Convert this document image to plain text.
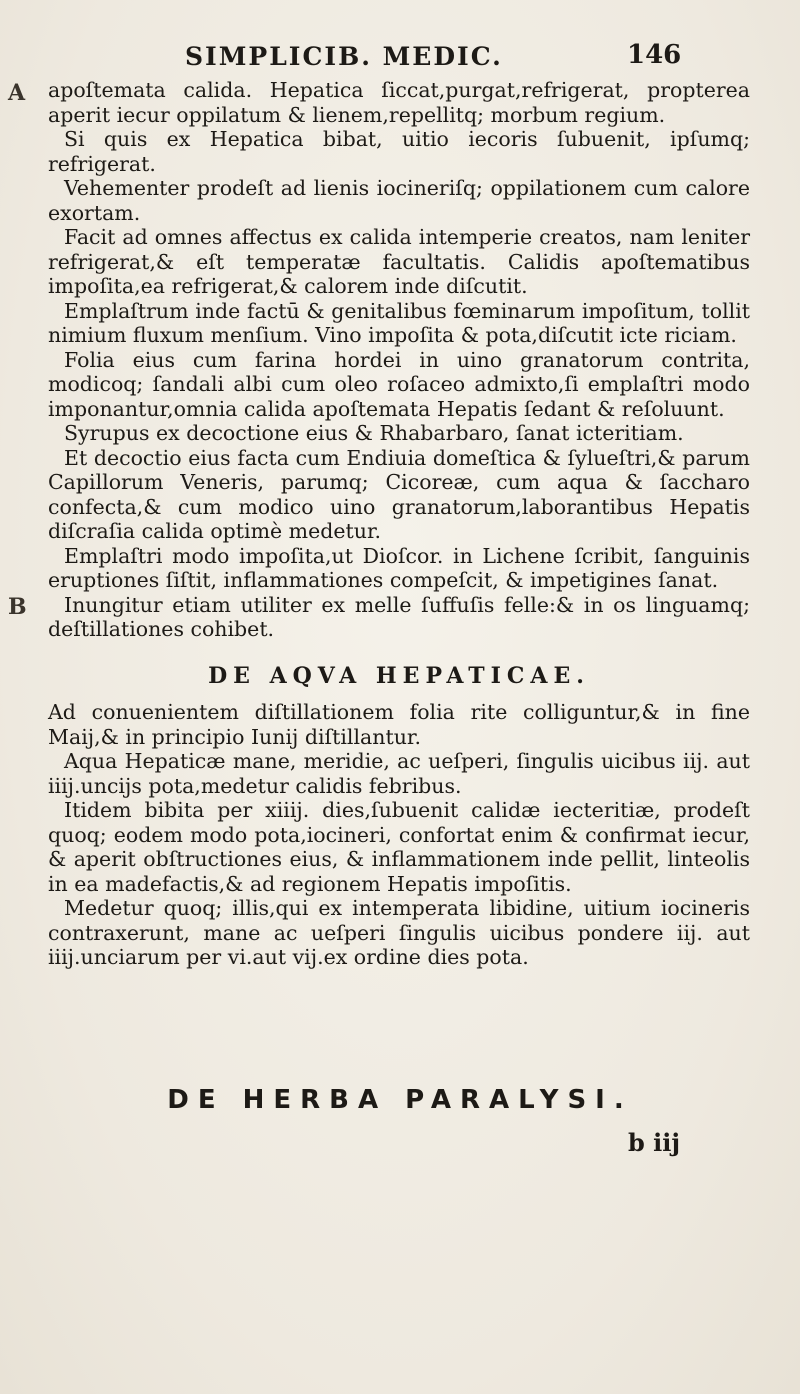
SIMPLICIB. MEDIC.	146
A
B

apoſtemata calida. Hepatica ſiccat,purgat,refrigerat, propterea aperit iecur oppilatum & lienem,repellitq; morbum regium.

Si quis ex Hepatica bibat, uitio iecoris ſubuenit, ipſumq; refrigerat.

Vehementer prodeſt ad lienis iocineriſq; oppilationem cum calore exortam.

Facit ad omnes affectus ex calida intemperie creatos, nam leniter refrigerat,& eſt temperatæ facultatis. Calidis apoſtematibus impoſita,ea refrigerat,& calorem inde diſcutit.

Emplaſtrum inde factū & genitalibus fœminarum impoſitum, tollit nimium fluxum menſium. Vino impoſita & pota,diſcutit icte riciam.

Folia eius cum farina hordei in uino granatorum contrita, modicoq; ſandali albi cum oleo roſaceo admixto,ſi emplaſtri modo imponantur,omnia calida apoſtemata Hepatis ſedant & reſoluunt.

Syrupus ex decoctione eius & Rhabarbaro, ſanat icteritiam.

Et decoctio eius facta cum Endiuia domeſtica & ſylueſtri,& parum Capillorum Veneris, parumq; Cicoreæ, cum aqua & ſaccharo confecta,& cum modico uino granatorum,laborantibus Hepatis diſcraſia calida optimè medetur.

Emplaſtri modo impoſita,ut Dioſcor. in Lichene ſcribit, ſanguinis eruptiones ſiſtit, inflammationes compeſcit, & impetigines ſanat.

Inungitur etiam utiliter ex melle ſuffuſis felle:& in os linguamq; deſtillationes cohibet.

DE AQVA HEPATICAE.

Ad conuenientem diſtillationem folia rite colliguntur,& in fine Maij,& in principio Iunij diſtillantur.

Aqua Hepaticæ mane, meridie, ac ueſperi, ſingulis uicibus iij. aut iiij.uncijs pota,medetur calidis febribus.

Itidem bibita per xiiij. dies,ſubuenit calidæ iecteritiæ, prodeſt quoq; eodem modo pota,iocineri, confortat enim & confirmat iecur, & aperit obſtructiones eius, & inflammationem inde pellit, linteolis in ea madefactis,& ad regionem Hepatis impoſitis.

Medetur quoq; illis,qui ex intemperata libidine, uitium iocineris contraxerunt, mane ac ueſperi ſingulis uicibus pondere iij. aut iiij.unciarum per vi.aut vij.ex ordine dies pota.

DE HERBA PARALYSI.
b iij
